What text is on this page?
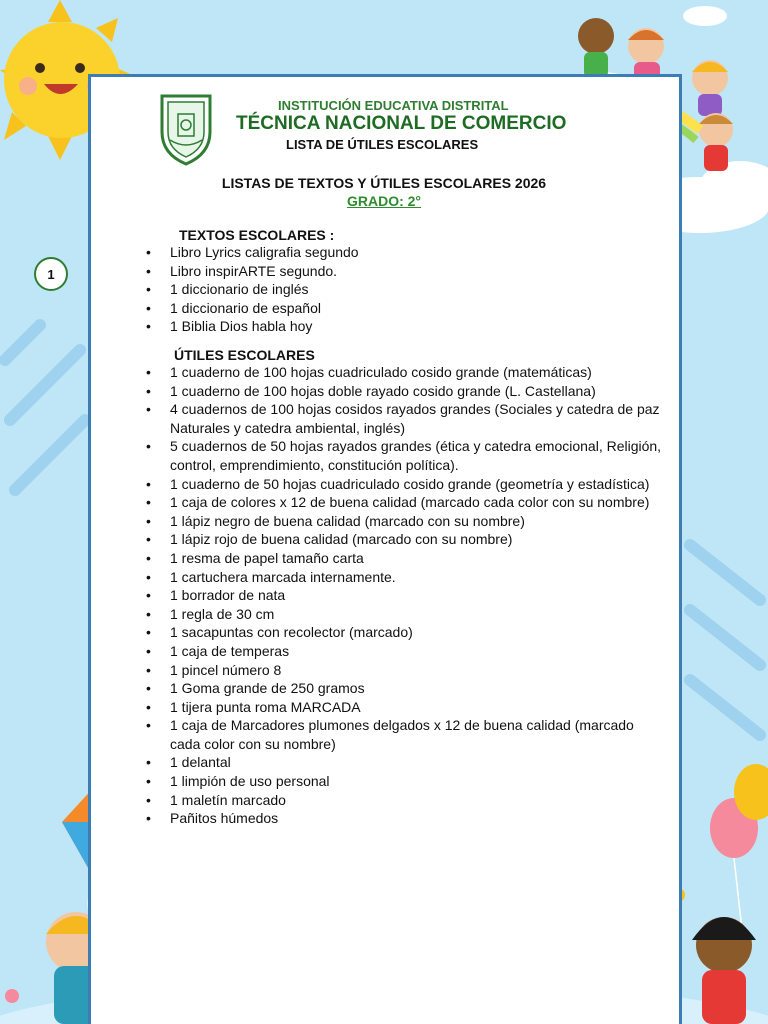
INSTITUCIÓN EDUCATIVA DISTRITAL
TÉCNICA NACIONAL DE COMERCIO
LISTA DE ÚTILES ESCOLARES
LISTAS DE TEXTOS Y ÚTILES ESCOLARES 2026
GRADO: 2°
1
TEXTOS ESCOLARES :
• Libro Lyrics caligrafia segundo
• Libro inspirARTE segundo.
• 1 diccionario de inglés
• 1 diccionario de español
• 1 Biblia Dios habla hoy
ÚTILES ESCOLARES
• 1 cuaderno de 100 hojas cuadriculado cosido grande (matemáticas)
• 1 cuaderno de 100 hojas doble rayado cosido grande (L. Castellana)
• 4 cuadernos de 100 hojas cosidos rayados grandes (Sociales y catedra de paz Naturales y catedra ambiental, inglés)
• 5 cuadernos de 50 hojas rayados grandes (ética y catedra emocional, Religión, control, emprendimiento, constitución política).
• 1 cuaderno de 50 hojas cuadriculado cosido grande (geometría y estadística)
• 1 caja de colores x 12 de buena calidad (marcado cada color con su nombre)
• 1 lápiz negro de buena calidad (marcado con su nombre)
• 1 lápiz rojo de buena calidad (marcado con su nombre)
• 1 resma de papel tamaño carta
• 1 cartuchera marcada internamente.
• 1 borrador de nata
• 1 regla de 30 cm
• 1 sacapuntas con recolector (marcado)
• 1 caja de temperas
• 1 pincel número 8
• 1 Goma grande de 250 gramos
• 1 tijera punta roma MARCADA
• 1 caja de Marcadores plumones delgados x 12 de buena calidad (marcado cada color con su nombre)
• 1 delantal
• 1 limpión de uso personal
• 1 maletín marcado
• Pañitos húmedos
